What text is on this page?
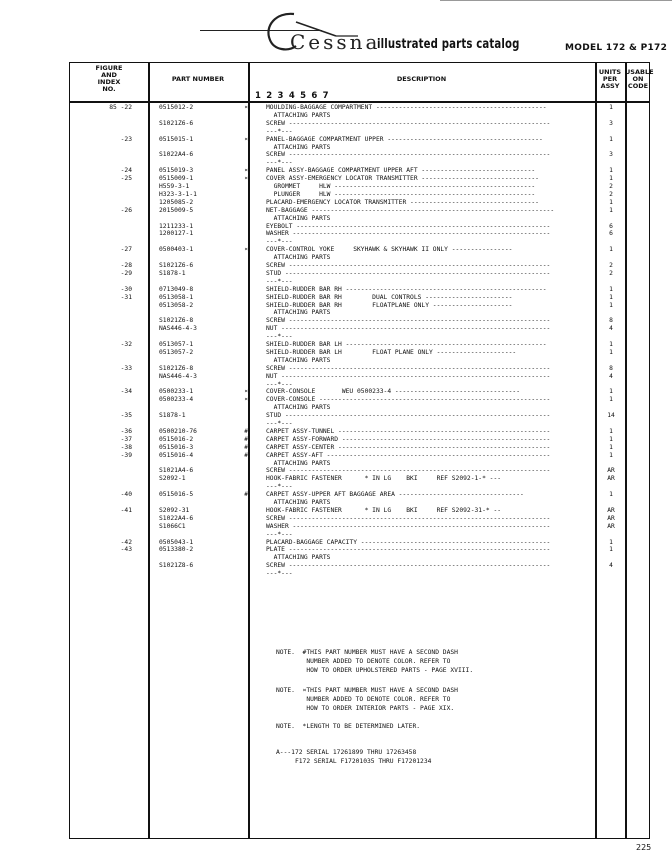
Cessna
illustrated parts catalog	MODEL 172 & P172
FIGURE
AND
INDEX
NO.
PART NUMBER	DESCRIPTION
1 2 3 4 5 6 7
UNITS
PER
ASSY
USABLE
ON
CODE
85 -22	0515012-2	¤	MOULDING-BAGGAGE COMPARTMENT ---------------------------------------------	1
ATTACHING PARTS
S1021Z6-6	SCREW ---------------------------------------------------------------------	3
---*---
-23	0515015-1	¤	PANEL-BAGGAGE COMPARTMENT UPPER -----------------------------------------	1
ATTACHING PARTS
S1022A4-6	SCREW ---------------------------------------------------------------------	3
---*---
-24	0515019-3	¤	PANEL ASSY-BAGGAGE COMPARTMENT UPPER AFT ------------------------------	1
-25	0515009-1	¤	COVER ASSY-EMERGENCY LOCATOR TRANSMITTER -------------------------------	1
H559-3-1	GROMMET     HLW -----------------------------------------------------	2
H323-3-1-1	PLUNGER     HLW -----------------------------------------------------	2
1205085-2	PLACARD-EMERGENCY LOCATOR TRANSMITTER ----------------------------------	1
-26	2015009-5	NET-BAGGAGE ----------------------------------------------------------------	1
ATTACHING PARTS
1211233-1	EYEBOLT -------------------------------------------------------------------	6
1200127-1	WASHER --------------------------------------------------------------------	6
---*---
-27	0500403-1	¤	COVER-CONTROL YOKE     SKYHAWK & SKYHAWK II ONLY ----------------	1
ATTACHING PARTS
-28	S1021Z6-6	SCREW ---------------------------------------------------------------------	2
-29	S1878-1	STUD ----------------------------------------------------------------------	2
---*---
-30	0713049-8	SHIELD-RUDDER BAR RH -----------------------------------------------------	1
-31	0513058-1	SHIELD-RUDDER BAR RH        DUAL CONTROLS -----------------------	1
0513058-2	SHIELD-RUDDER BAR RH        FLOATPLANE ONLY ---------------------	1
ATTACHING PARTS
S1021Z6-8	SCREW ---------------------------------------------------------------------	8
NAS446-4-3	NUT -----------------------------------------------------------------------	4
---*---
-32	0513057-1	SHIELD-RUDDER BAR LH -----------------------------------------------------	1
0513057-2	SHIELD-RUDDER BAR LH        FLOAT PLANE ONLY ---------------------	1
ATTACHING PARTS
-33	S1021Z6-8	SCREW ---------------------------------------------------------------------	8
NAS446-4-3	NUT -----------------------------------------------------------------------	4
---*---
-34	0500233-1	¤	COVER-CONSOLE       WEU 0500233-4 ---------------------------------	1
0500233-4	¤	COVER-CONSOLE -------------------------------------------------------------	1
ATTACHING PARTS
-35	S1878-1	STUD ----------------------------------------------------------------------	14
---*---
-36	0500210-76	#	CARPET ASSY-TUNNEL --------------------------------------------------------	1
-37	0515016-2	#	CARPET ASSY-FORWARD -------------------------------------------------------	1
-38	0515016-3	#	CARPET ASSY-CENTER --------------------------------------------------------	1
-39	0515016-4	#	CARPET ASSY-AFT -----------------------------------------------------------	1
ATTACHING PARTS
S1021A4-6	SCREW ---------------------------------------------------------------------	AR
S2092-1	HOOK-FABRIC FASTENER      * IN LG    BKI     REF S2092-1-* ---	AR
---*---
-40	0515016-5	#	CARPET ASSY-UPPER AFT BAGGAGE AREA ---------------------------------	1
ATTACHING PARTS
-41	S2092-31	HOOK-FABRIC FASTENER      * IN LG    BKI     REF S2092-31-* --	AR
S1022A4-6	SCREW ---------------------------------------------------------------------	AR
S1066C1	WASHER --------------------------------------------------------------------	AR
---*---
-42	0505043-1	PLACARD-BAGGAGE CAPACITY --------------------------------------------------	1
-43	0513380-2	PLATE ---------------------------------------------------------------------	1
ATTACHING PARTS
S1021Z8-6	SCREW ---------------------------------------------------------------------	4
---*---
NOTE.  #THIS PART NUMBER MUST HAVE A SECOND DASH
NUMBER ADDED TO DENOTE COLOR. REFER TO
HOW TO ORDER UPHOLSTERED PARTS - PAGE XVIII.
NOTE.  ¤THIS PART NUMBER MUST HAVE A SECOND DASH
NUMBER ADDED TO DENOTE COLOR. REFER TO
HOW TO ORDER INTERIOR PARTS - PAGE XIX.
NOTE.  *LENGTH TO BE DETERMINED LATER.
A---172 SERIAL 17261899 THRU 17263458
F172 SERIAL F17201035 THRU F17201234
225
